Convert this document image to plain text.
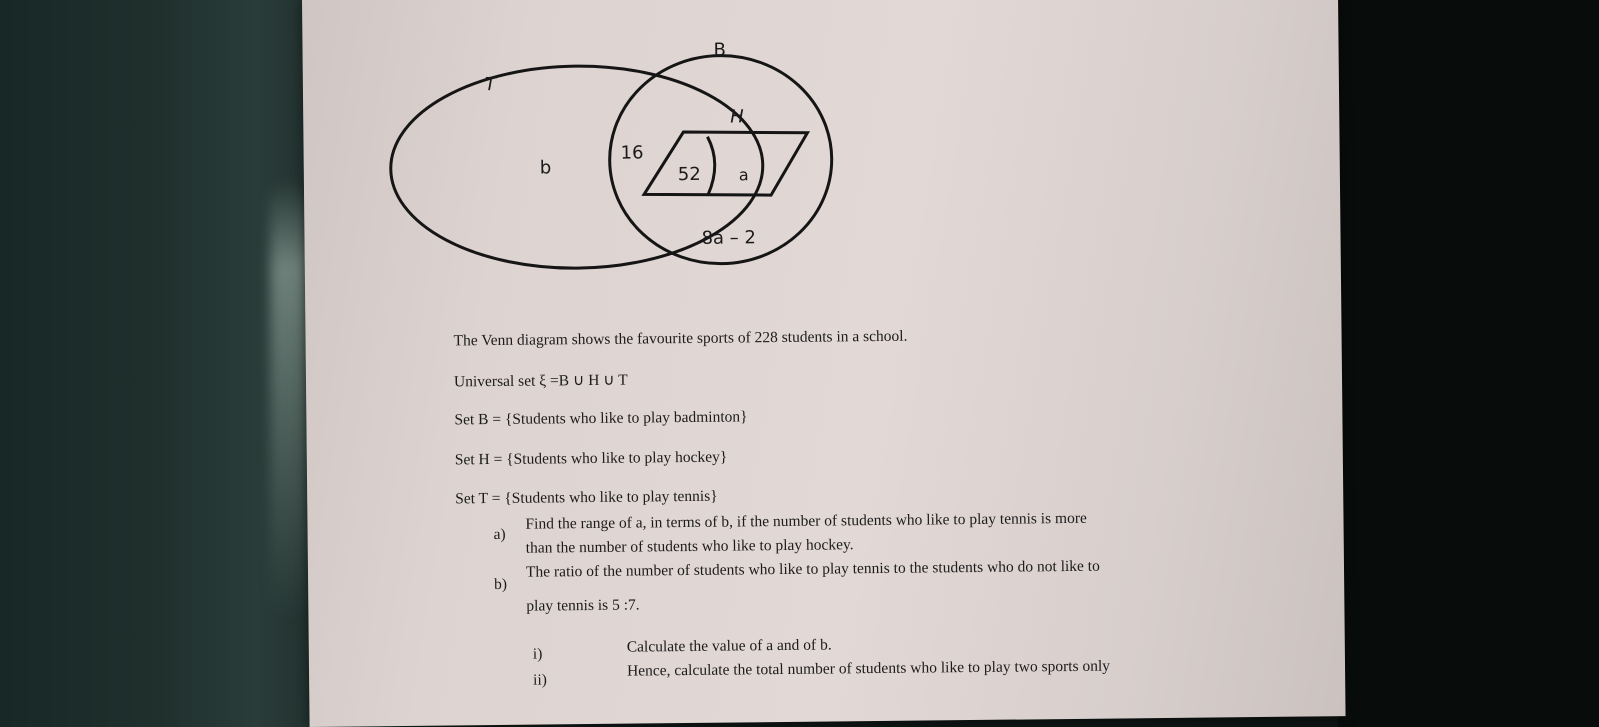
B
T
H
b
16
52 a
8a – 2
The Venn diagram shows the favourite sports of 228 students in a school.
Universal set ξ =B ∪ H ∪ T
Set B = {Students who like to play badminton}
Set H = {Students who like to play hockey}
Set T = {Students who like to play tennis}
a)
Find the range of a, in terms of b, if the number of students who like to play tennis is more
than the number of students who like to play hockey.
b)
The ratio of the number of students who like to play tennis to the students who do not like to
play tennis is 5 :7.
i)	Calculate the value of a and of b.
ii)
Hence, calculate the total number of students who like to play two sports only
